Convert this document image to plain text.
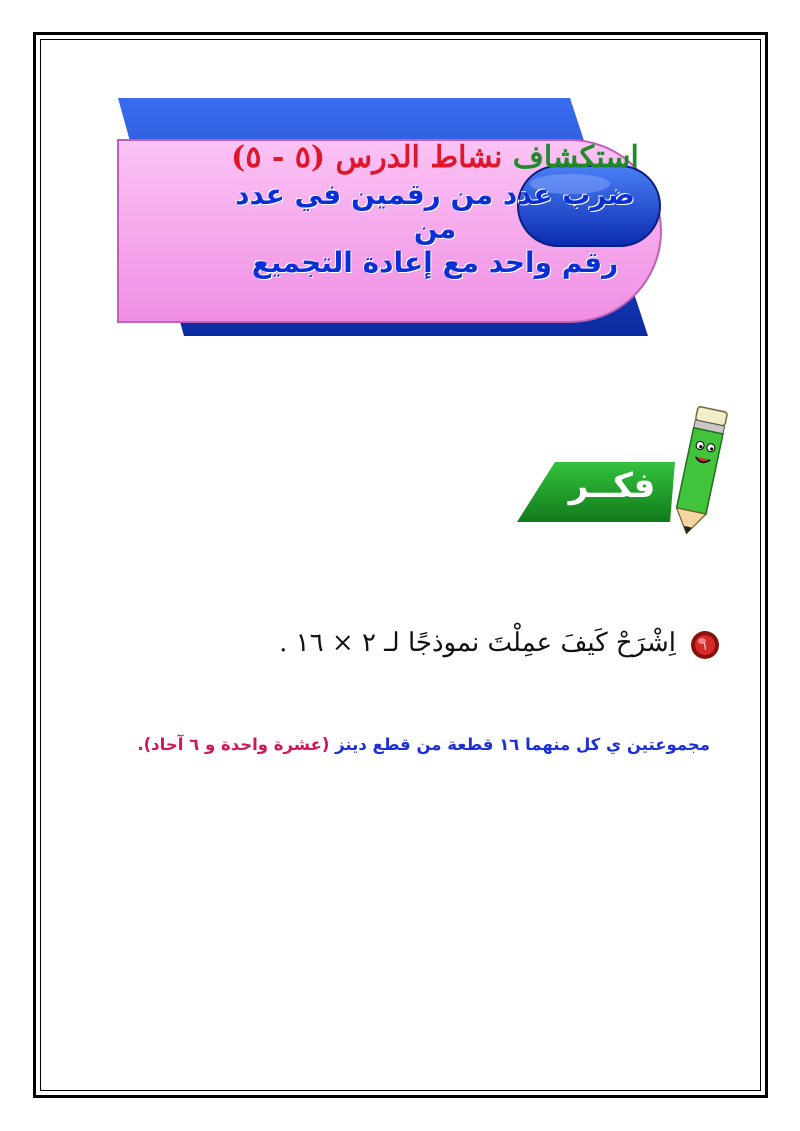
استكشاف نشاط الدرس (٥ - ٥)
ضرب عدد من رقمين في عدد من
رقم واحد مع إعادة التجميع
فكــر
١
اِشْرَحْ كَيفَ عمِلْتَ نموذجًا لـ ٢ × ١٦ .
مجموعتين ي كل منهما ١٦ قطعة من قطع دينز (عشرة واحدة و ٦ آحاد).
